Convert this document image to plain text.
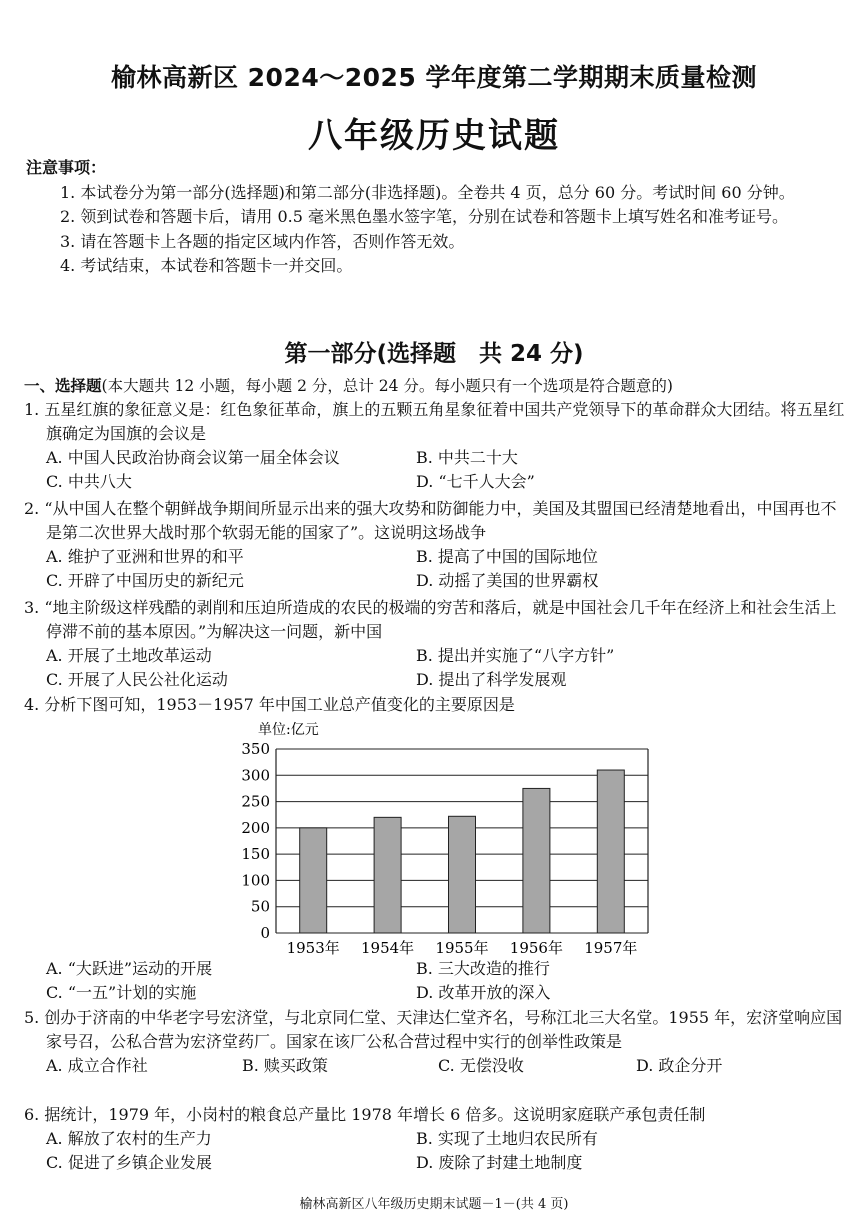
榆林高新区 2024～2025 学年度第二学期期末质量检测
八年级历史试题

注意事项：

1. 本试卷分为第一部分(选择题)和第二部分(非选择题)。全卷共 4 页，总分 60 分。考试时间 60 分钟。

2. 领到试卷和答题卡后，请用 0.5 毫米黑色墨水签字笔，分别在试卷和答题卡上填写姓名和准考证号。

3. 请在答题卡上各题的指定区域内作答，否则作答无效。

4. 考试结束，本试卷和答题卡一并交回。

第一部分(选择题　共 24 分)
一、选择题(本大题共 12 小题，每小题 2 分，总计 24 分。每小题只有一个选项是符合题意的)

1. 五星红旗的象征意义是：红色象征革命，旗上的五颗五角星象征着中国共产党领导下的革命群众大团结。将五星红旗确定为国旗的会议是

A. 中国人民政治协商会议第一届全体会议	B. 中共二十大
C. 中共八大	D. “七千人大会”

2. “从中国人在整个朝鲜战争期间所显示出来的强大攻势和防御能力中，美国及其盟国已经清楚地看出，中国再也不是第二次世界大战时那个软弱无能的国家了”。这说明这场战争

A. 维护了亚洲和世界的和平	B. 提高了中国的国际地位
C. 开辟了中国历史的新纪元	D. 动摇了美国的世界霸权

3. “地主阶级这样残酷的剥削和压迫所造成的农民的极端的穷苦和落后，就是中国社会几千年在经济上和社会生活上停滞不前的基本原因。”为解决这一问题，新中国

A. 开展了土地改革运动	B. 提出并实施了“八字方针”
C. 开展了人民公社化运动	D. 提出了科学发展观

4. 分析下图可知，1953－1957 年中国工业总产值变化的主要原因是

单位:亿元
0
50
100
150
200
250
300
350
1953年 1954年 1955年 1956年 1957年
A. “大跃进”运动的开展	B. 三大改造的推行
C. “一五”计划的实施	D. 改革开放的深入

5. 创办于济南的中华老字号宏济堂，与北京同仁堂、天津达仁堂齐名，号称江北三大名堂。1955 年，宏济堂响应国家号召，公私合营为宏济堂药厂。国家在该厂公私合营过程中实行的创举性政策是

A. 成立合作社	B. 赎买政策	C. 无偿没收	D. 政企分开

6. 据统计，1979 年，小岗村的粮食总产量比 1978 年增长 6 倍多。这说明家庭联产承包责任制

A. 解放了农村的生产力	B. 实现了土地归农民所有
C. 促进了乡镇企业发展	D. 废除了封建土地制度
榆林高新区八年级历史期末试题－1－(共 4 页)
